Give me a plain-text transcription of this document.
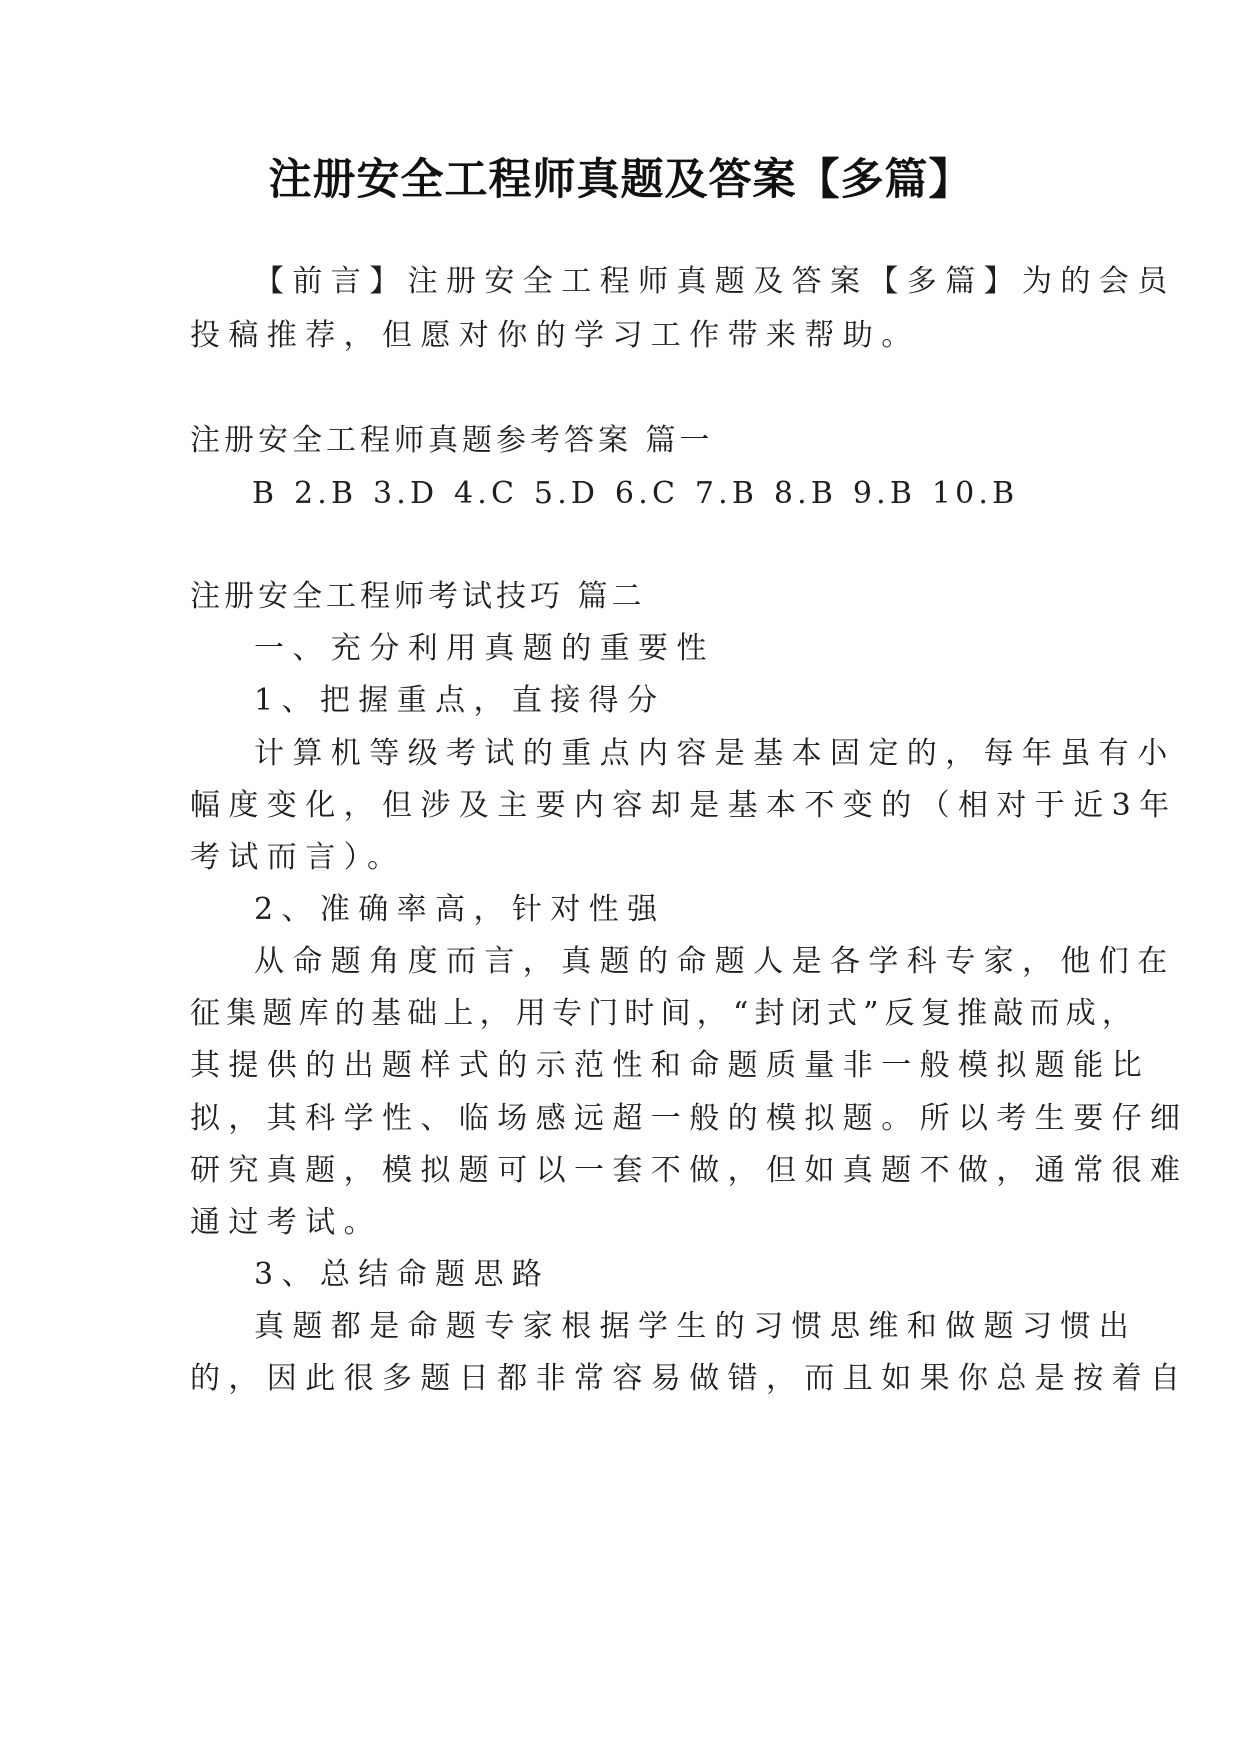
注册安全工程师真题及答案【多篇】
【前言】注册安全工程师真题及答案【多篇】为的会员
投稿推荐，但愿对你的学习工作带来帮助。
注册安全工程师真题参考答案 篇一
B 2.B 3.D 4.C 5.D 6.C 7.B 8.B 9.B 10.B
注册安全工程师考试技巧 篇二
一、充分利用真题的重要性
1、把握重点，直接得分
计算机等级考试的重点内容是基本固定的，每年虽有小
幅度变化，但涉及主要内容却是基本不变的（相对于近3年
考试而言）。
2、准确率高，针对性强
从命题角度而言，真题的命题人是各学科专家，他们在
征集题库的基础上，用专门时间，“封闭式”反复推敲而成，
其提供的出题样式的示范性和命题质量非一般模拟题能比
拟，其科学性、临场感远超一般的模拟题。所以考生要仔细
研究真题，模拟题可以一套不做，但如真题不做，通常很难
通过考试。
3、总结命题思路
真题都是命题专家根据学生的习惯思维和做题习惯出
的，因此很多题日都非常容易做错，而且如果你总是按着自
